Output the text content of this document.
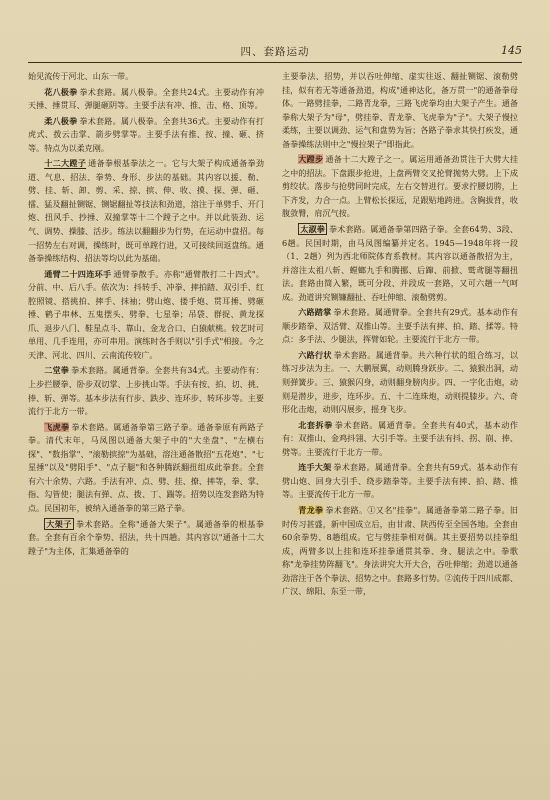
四、套路运动	145

始见流传于河北、山东一带。

花八极拳 拳术套路。属八极拳。全套共24式。主要动作有冲天捶、捶贯耳、弹腿砸阴等。主要手法有冲、推、击、格、顶等。

柔八极拳 拳术套路。属八极拳。全套共36式。主要动作有打虎式、拨云击掌、箭步劈掌等。主要手法有推、按、撞、砸、挤等。特点为以柔克刚。

十二大蹚子 通备拳根基拳法之一。它与大架子构成通备拳劲道、气息、招法、拳势、身形、步法的基础。其内容以援、勒、劈、挂、斩、卸、剪、采、掠、摈、伸、收、摸、探、弹、砸、擂、猛及翻扯铡锯、铡锯翻扯等技法和劲道，溶注于单劈手、开门炮、扭风手、抄捶、双撞掌等十二个蹚子之中。并以此装劲、运气、调势、操膝、活步。练法以翻翻步为行势，在运动中盘招。每一招势左右对调，操练时，既可单蹚行进，又可接续回返盘练。通备拳操练结构、招法等均以此为基础。

通臂二十四连环手 通臂拳散手。亦称"通臂散打二十四式"。分前、中、后八手。依次为：抖转手、冲拳、摔拍踏、双引手、红腔照镜、搭挑拍、摔手、抹袖；劈山炮、搂手炮、贯耳捶、劈砸捶、鹤子串林、五鬼摆头、劈拳、七星拳；吊袋、群捉、黄龙探爪、退步八门、鞋星点斗、靠山、金龙合口、白猿献桃。较艺时可单用、几手连用，亦可串用。演练时各手则以"引手式"相接。今之天津、河北、四川、云南流传较广。

二堂拳 拳术套路。属通背拳。全套共有34式。主要动作有：上步拦腰拳、卧步双切掌、上步挑山等。手法有按、拍、切、挑、捧、斩、弹等。基本步法有行步、跌步、连环步、转环步等。主要流行于北方一带。

飞虎拳 拳术套路。属通备拳第三路子拳。通备拳原有两路子拳。清代末年，马凤图以通备大架子中的"大坐盘"、"左横右探"、"数指掌"、"滚勒摈掠"为基础，溶注通备散招"五花炮"、"七星捶"以及"劈阳手"、"点子腿"和各种腾跃翻扭组成此拳套。全套有六十余势、六路。手法有冲、点、劈、挂、撩、摔等，拳、掌、指、勾皆使；腿法有弹、点、拨、丁、踹等。招势以连发套路为特点。民国初年，被纳入通备拳的第三路子拳。

大架子 拳术套路。全称"通备大架子"。属通备拳的根基拳套。全套有百余个拳势、招法，共十四趟。其内容以"通备十二大蹚子"为主体，汇集通备拳的

主要拳法、招势，并以吞吐伸缩、虚实往返、翻扯铡锯、滚勒劈挂，似有若无等通备劲道，构成"通神达化，备万贯一"的通备拳母体。一路劈挂拳，二路青龙拳，三路飞虎拳均由大架子产生。通备拳称大架子为"母"，劈挂拳、青龙拳、飞虎拳为"子"。大架子慢拉柔练，主要以调劲、运气和盘势为旨；各路子拳求其快打疾发，通备拳操练法则中之"慢拉架子"即指此。

大蹚步 通备十二大蹚子之一。属运用通备劲贯注于大劈大挂之中的招法。下盘跟步抢进，上盘两臂交叉抡臂抛势大劈。上下成剪绞状。落步与抢劈同时完成，左右交替进行。要求拧腰切胯，上下齐发，力合一点。上臂松长探远，足跟贴地跨进。含胸拔背，收腹敛臀，肩沉气按。

太淑拳 拳术套路。属通备拳第四路子拳。全套64势、3段、6趟。民国时期，由马凤图编纂并定名。1945—1948年将一段（1、2趟）列为西北师院体育系教材。其内容以通备散招为主，并溶注太祖八斩、螳螂九手和腾挪、后蹿、前掀、鹫鸢腿等翻扭法。套路由简入繁，既可分段、并段成一套路，又可六趟一气呵成。劲道讲究铡镰翻扯、吞吐伸缩、滚勒劈剪。

六路踏掌 拳术套路。属通臂拳。全套共有29式。基本动作有顺步踏拳、双活臂、双推山等。主要手法有摔、拍、踏、揉等。特点：多手法、少腿法，挥臂如轮。主要流行于北方一带。

六路行状 拳术套路。属通背拳。共六种行状的组合练习，以练习步法为主。一、大鹏展翼，动则腾身跃步。二、猿猴出洞，动则弹簧步。三、猿猴闪身，动则翻身膀肉步。四、一字化击炮，动则是潜步，进步，连环步。五、十二连珠炮，动则提膝步。六、奇形化击炮，动则闪展步，摇身飞步。

北套拆拳 拳术套路。属通背拳。全套共有40式，基本动作有：双推山、金鸡抖翎、大引手等。主要手法有抖、拐、崩、捧、劈等。主要流行于北方一带。

连手大架 拳术套路。属通背拳。全套共有59式。基本动作有劈山炮、回身大引手、绕步踏拳等。主要手法有摔、拍、踏、推等。主要流传于北方一带。

青龙拳 拳术套路。①又名"挂拳"。属通备拳第二路子拳。旧时传习甚盛，新中国成立后，由甘肃、陕西传至全国各地。全套由60余拳势、8趟组成。它与劈挂拳相对偶。其主要招势以挂拳组成，两臂多以上挂和连环挂拳通贯其拳、身、腿法之中。拳歌称"龙拳挂势阵翻飞"。身法讲究大开大合，吞吐伸缩；劲道以通备劲溶注于各个拳法、招势之中。套路多行势。②流传于四川成都、广汉、绵阳、东至一带，
